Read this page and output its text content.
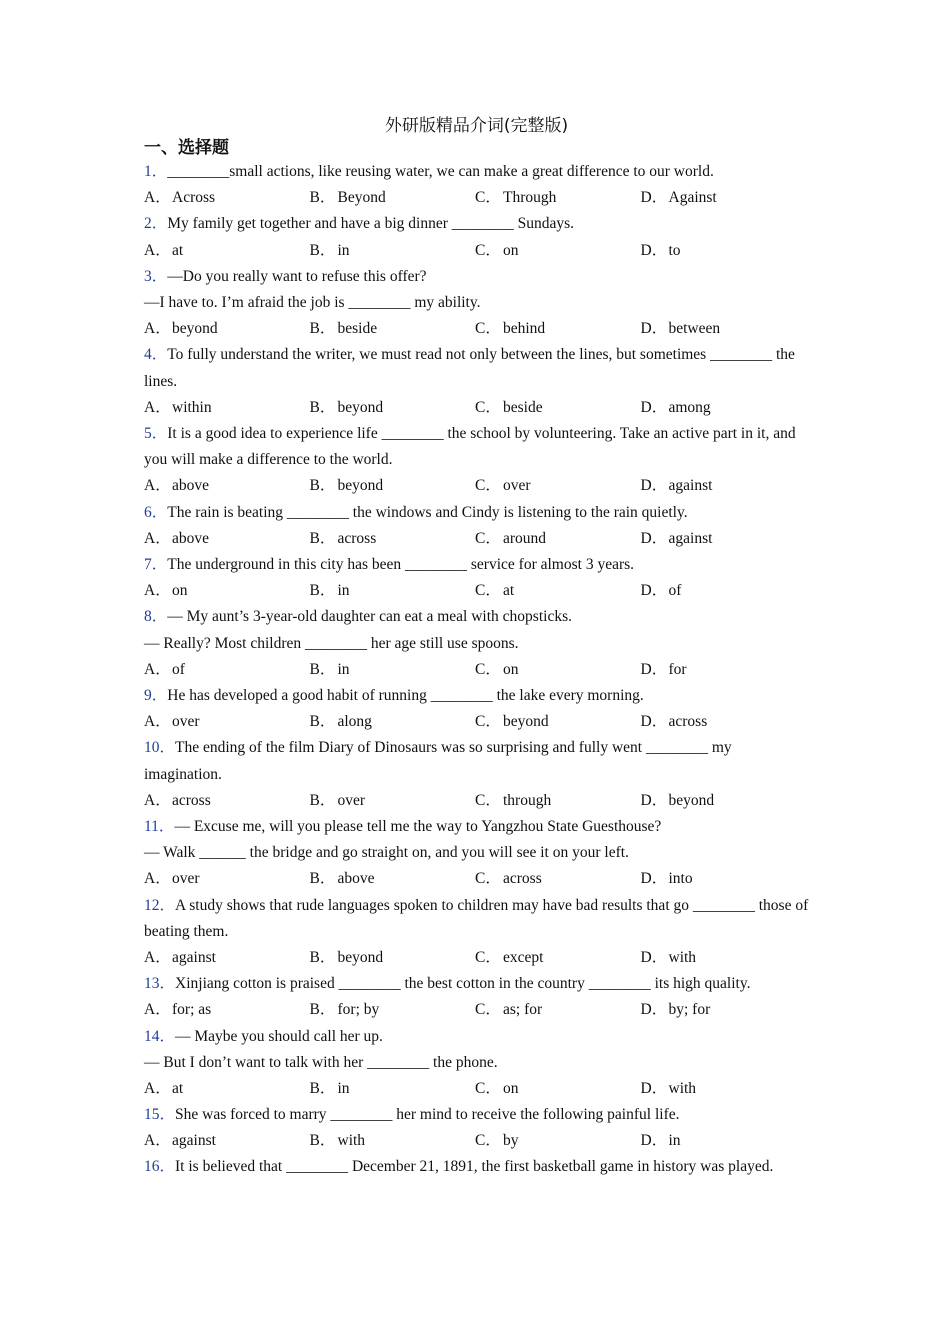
外研版精品介词(完整版)
一、选择题
1．________small actions, like reusing water, we can make a great difference to our world.
A．Across	B． Beyond	C． Through	D．Against
2．My family get together and have a big dinner ________ Sundays.
A．at	B． in	C． on	D．to
3．—Do you really want to refuse this offer?
—I have to. I’m afraid the job is ________ my ability.
A．beyond	B． beside	C． behind	D．between
4．To fully understand the writer, we must read not only between the lines, but sometimes ________ the lines.
A．within	B． beyond	C． beside	D．among
5．It is a good idea to experience life ________ the school by volunteering. Take an active part in it, and you will make a difference to the world.
A．above	B． beyond	C． over	D．against
6．The rain is beating ________ the windows and Cindy is listening to the rain quietly.
A．above	B． across	C． around	D．against
7．The underground in this city has been ________ service for almost 3 years.
A．on	B． in	C． at	D．of
8．— My aunt’s 3-year-old daughter can eat a meal with chopsticks.
— Really? Most children ________ her age still use spoons.
A．of	B． in	C． on	D．for
9．He has developed a good habit of running ________ the lake every morning.
A．over	B． along	C． beyond	D．across
10．The ending of the film Diary of Dinosaurs was so surprising and fully went ________ my imagination.
A．across	B． over	C． through	D．beyond
11．— Excuse me, will you please tell me the way to Yangzhou State Guesthouse?
— Walk ______ the bridge and go straight on, and you will see it on your left.
A．over	B． above	C． across	D．into
12．A study shows that rude languages spoken to children may have bad results that go ________ those of beating them.
A．against	B． beyond	C． except	D．with
13．Xinjiang cotton is praised ________ the best cotton in the country ________ its high quality.
A．for; as	B． for; by	C． as; for	D．by; for
14．— Maybe you should call her up.
— But I don’t want to talk with her ________ the phone.
A．at	B． in	C． on	D．with
15．She was forced to marry ________ her mind to receive the following painful life.
A．against	B． with	C． by	D．in
16．It is believed that ________ December 21, 1891, the first basketball game in history was played.
